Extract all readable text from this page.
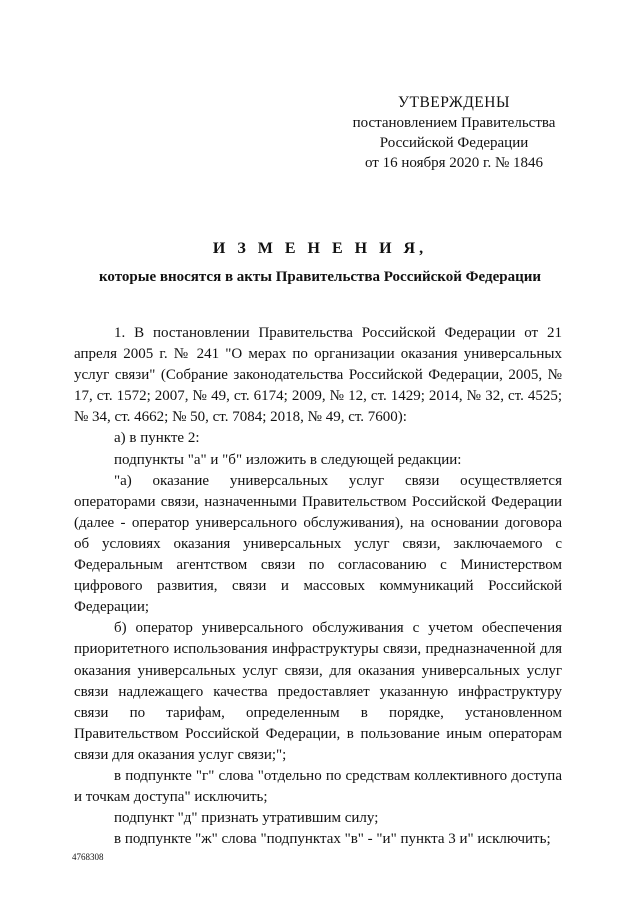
УТВЕРЖДЕНЫ
постановлением Правительства
Российской Федерации
от 16 ноября 2020 г. № 1846
И З М Е Н Е Н И Я,
которые вносятся в акты Правительства Российской Федерации

1. В постановлении Правительства Российской Федерации от 21 апреля 2005 г. № 241 "О мерах по организации оказания универсальных услуг связи" (Собрание законодательства Российской Федерации, 2005, № 17, ст. 1572; 2007, № 49, ст. 6174; 2009, № 12, ст. 1429; 2014, № 32, ст. 4525; № 34, ст. 4662; № 50, ст. 7084; 2018, № 49, ст. 7600):

а) в пункте 2:

подпункты "а" и "б" изложить в следующей редакции:

"а) оказание универсальных услуг связи осуществляется операторами связи, назначенными Правительством Российской Федерации (далее - оператор универсального обслуживания), на основании договора об условиях оказания универсальных услуг связи, заключаемого с Федеральным агентством связи по согласованию с Министерством цифрового развития, связи и массовых коммуникаций Российской Федерации;

б) оператор универсального обслуживания с учетом обеспечения приоритетного использования инфраструктуры связи, предназначенной для оказания универсальных услуг связи, для оказания универсальных услуг связи надлежащего качества предоставляет указанную инфраструктуру связи по тарифам, определенным в порядке, установленном Правительством Российской Федерации, в пользование иным операторам связи для оказания услуг связи;";

в подпункте "г" слова "отдельно по средствам коллективного доступа и точкам доступа" исключить;

подпункт "д" признать утратившим силу;

в подпункте "ж" слова "подпунктах "в" - "и" пункта 3 и" исключить;

4768308
